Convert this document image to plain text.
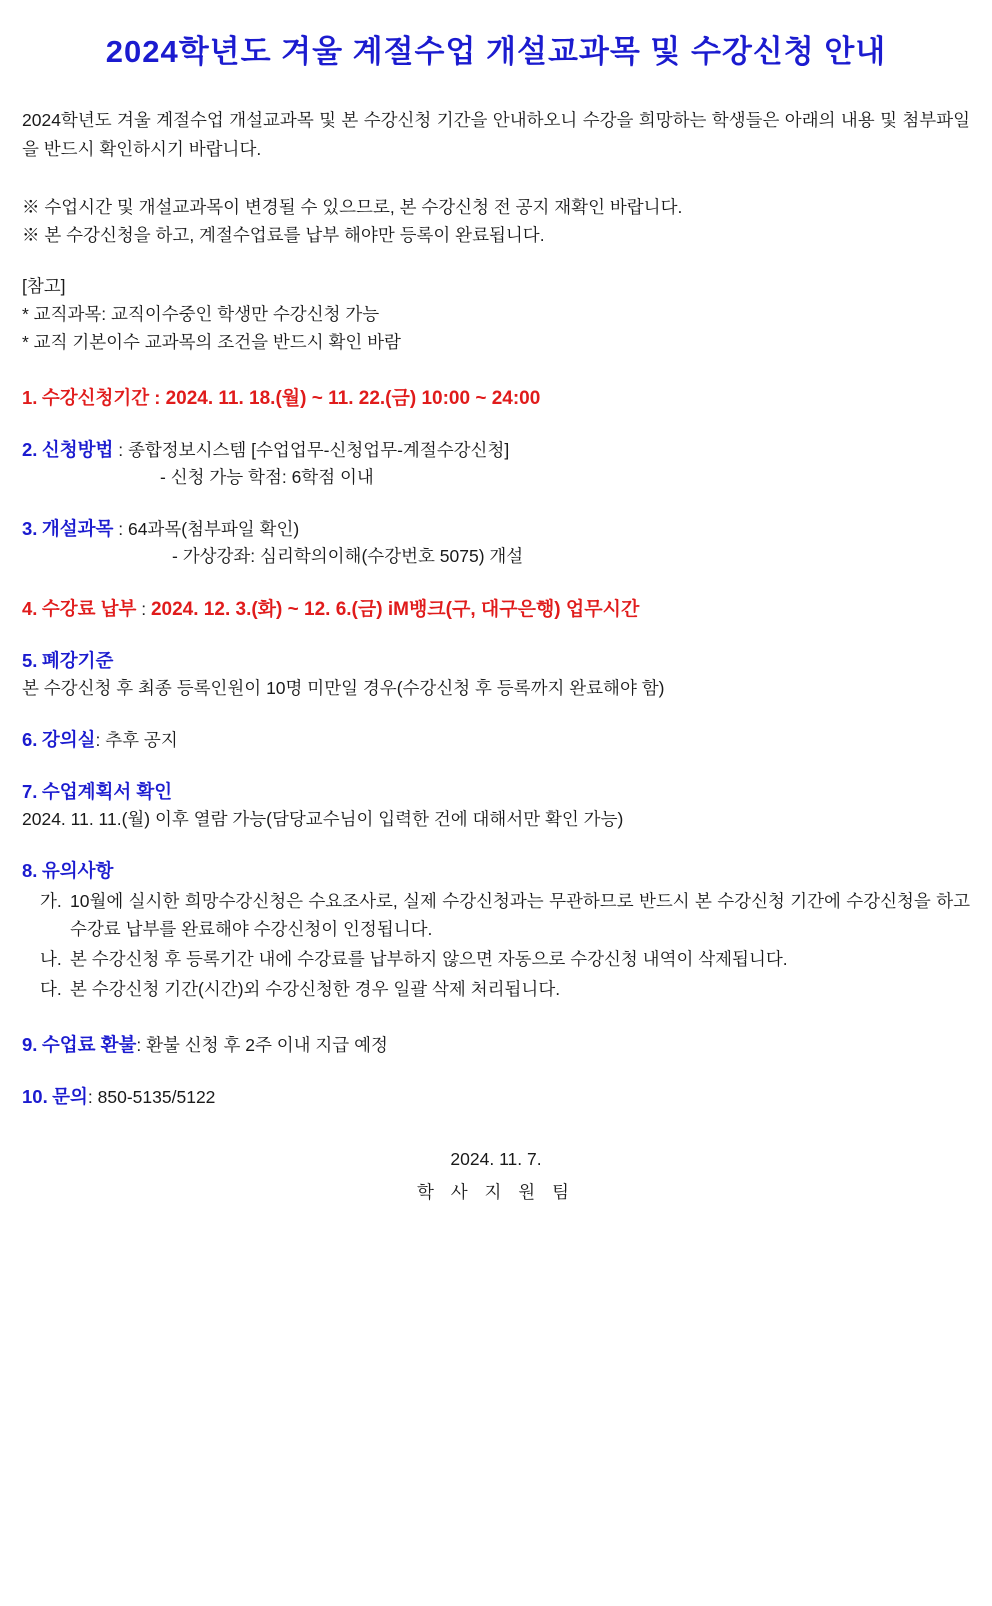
2024학년도 겨울 계절수업 개설교과목 및 수강신청 안내

2024학년도 겨울 계절수업 개설교과목 및 본 수강신청 기간을 안내하오니 수강을 희망하는 학생들은 아래의 내용 및 첨부파일을 반드시 확인하시기 바랍니다.

※ 수업시간 및 개설교과목이 변경될 수 있으므로, 본 수강신청 전 공지 재확인 바랍니다.
※ 본 수강신청을 하고, 계절수업료를 납부 해야만 등록이 완료됩니다.
[참고]
* 교직과목: 교직이수중인 학생만 수강신청 가능
* 교직 기본이수 교과목의 조건을 반드시 확인 바람
1. 수강신청기간 : 2024. 11. 18.(월) ~ 11. 22.(금) 10:00 ~ 24:00
2. 신청방법 : 종합정보시스템 [수업업무-신청업무-계절수강신청]
- 신청 가능 학점: 6학점 이내
3. 개설과목 : 64과목(첨부파일 확인)
- 가상강좌: 심리학의이해(수강번호 5075) 개설
4. 수강료 납부 : 2024. 12. 3.(화) ~ 12. 6.(금) iM뱅크(구, 대구은행) 업무시간
5. 폐강기준
본 수강신청 후 최종 등록인원이 10명 미만일 경우(수강신청 후 등록까지 완료해야 함)
6. 강의실: 추후 공지
7. 수업계획서 확인
2024. 11. 11.(월) 이후 열람 가능(담당교수님이 입력한 건에 대해서만 확인 가능)
8. 유의사항
가. 10월에 실시한 희망수강신청은 수요조사로, 실제 수강신청과는 무관하므로 반드시 본 수강신청 기간에 수강신청을 하고 수강료 납부를 완료해야 수강신청이 인정됩니다.
나. 본 수강신청 후 등록기간 내에 수강료를 납부하지 않으면 자동으로 수강신청 내역이 삭제됩니다.
다. 본 수강신청 기간(시간)외 수강신청한 경우 일괄 삭제 처리됩니다.
9. 수업료 환불: 환불 신청 후 2주 이내 지급 예정
10. 문의: 850-5135/5122
2024. 11. 7.
학 사 지 원 팀
